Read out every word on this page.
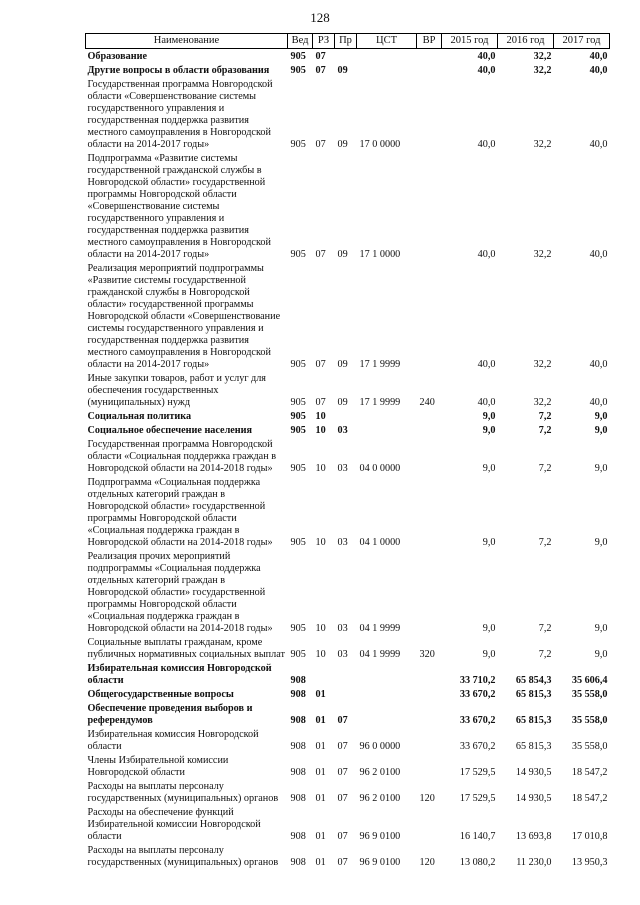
128
Наименование	Вед	РЗ	Пр	ЦСТ	ВР	2015 год	2016 год	2017 год
Образование	905	07				40,0	32,2	40,0
Другие вопросы в области образования	905	07	09			40,0	32,2	40,0
Государственная программа Новгородской области «Совершенствование системы государственного управления и государственная поддержка развития местного самоуправления в Новгородской области на 2014-2017 годы»	905	07	09	17 0 0000		40,0	32,2	40,0
Подпрограмма «Развитие системы государственной гражданской службы в Новгородской области» государственной программы Новгородской области «Совершенствование системы государственного управления и государственная поддержка развития местного самоуправления в Новгородской области на 2014-2017 годы»	905	07	09	17 1 0000		40,0	32,2	40,0
Реализация мероприятий подпрограммы «Развитие системы государственной гражданской службы в Новгородской области» государственной программы Новгородской области «Совершенствование системы государственного управления и государственная поддержка развития местного самоуправления в Новгородской области на 2014-2017 годы»	905	07	09	17 1 9999		40,0	32,2	40,0
Иные закупки товаров, работ и услуг для обеспечения государственных (муниципальных) нужд	905	07	09	17 1 9999	240	40,0	32,2	40,0
Социальная политика	905	10				9,0	7,2	9,0
Социальное обеспечение населения	905	10	03			9,0	7,2	9,0
Государственная программа Новгородской области «Социальная поддержка граждан в Новгородской области на 2014-2018 годы»	905	10	03	04 0 0000		9,0	7,2	9,0
Подпрограмма «Социальная поддержка отдельных категорий граждан в Новгородской области» государственной программы Новгородской области «Социальная поддержка граждан в Новгородской области на 2014-2018 годы»	905	10	03	04 1 0000		9,0	7,2	9,0
Реализация прочих мероприятий подпрограммы «Социальная поддержка отдельных категорий граждан в Новгородской области» государственной программы Новгородской области «Социальная поддержка граждан в Новгородской области на 2014-2018 годы»	905	10	03	04 1 9999		9,0	7,2	9,0
Социальные выплаты гражданам, кроме публичных нормативных социальных выплат	905	10	03	04 1 9999	320	9,0	7,2	9,0
Избирательная комиссия Новгородской области	908					33 710,2	65 854,3	35 606,4
Общегосударственные вопросы	908	01				33 670,2	65 815,3	35 558,0
Обеспечение проведения выборов и референдумов	908	01	07			33 670,2	65 815,3	35 558,0
Избирательная комиссия Новгородской области	908	01	07	96 0 0000		33 670,2	65 815,3	35 558,0
Члены Избирательной комиссии Новгородской области	908	01	07	96 2 0100		17 529,5	14 930,5	18 547,2
Расходы на выплаты персоналу государственных (муниципальных) органов	908	01	07	96 2 0100	120	17 529,5	14 930,5	18 547,2
Расходы на обеспечение функций Избирательной комиссии Новгородской области	908	01	07	96 9 0100		16 140,7	13 693,8	17 010,8
Расходы на выплаты персоналу государственных (муниципальных) органов	908	01	07	96 9 0100	120	13 080,2	11 230,0	13 950,3
